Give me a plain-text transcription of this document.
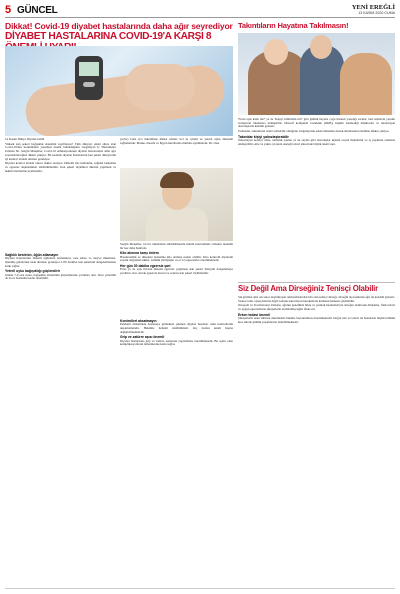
5 GÜNCEL	YENİ EREĞLİ
13 KASIM 2020 CUMA
Dikkat! Covid-19 diyabet hastalarında daha ağır seyrediyor
DİYABET HASTALARINA COVID-19'A KARŞI 8

14 Kasım Dünya Diyabet Günü

Yüksek kan şekeri bağışıklık sistemini zayıflatıyor! Tüm dünyayı etkisi altına alan Covid-19'dan korunmanın yaşamsal önemi bulunduğunu vurgulayan İç Hastalıkları Uzmanı Dr. Sezgin Menşiller, Covid-19 enfeksiyonunun diyabet hastalarında daha ağır seyredebileceğine dikkat çekiyor. Bu nedenle diyabet hastalarının kan şekeri düzeylerini iyi kontrol altında tutması gerekiyor.

Diyabet kontrol altında olursa riskler azalıyor. Düzenli ilaç kullanımı, sağlıklı beslenme ve egzersiz alışkanlıkları sürdürülmelidir. Kan şekeri ölçümleri düzenli yapılmalı ve hekim önerilerine uyulmalıdır.

yorlar) fazla sıvı tüketimine dikkat etmeli, bol su içmeli ve yeterli uyku düzenini sağlamalıdır. Maske, mesafe ve hijyen kurallarına mutlaka uyulmalıdır. Dr. Ozer

Sezgin Menşiller, bu bir önlemlerin sürdürülmesini hekim kontrolünde olmanın önemini bir kez daha hatırlattı.

Kilo alımına karşı önlem

Hareketsizlik ve düzensiz beslenme kilo alımına neden olabilir. Kilo kontrolü diyabetin seyrini doğrudan etkiler. Günlük yürüyüşler ve ev içi egzersizler önerilmektedir.

Her gün 30 dakika egzersiz şart

Evde ya da açık havada düzenli egzersiz yapılması kan şekeri düzeyini dengelemeye yardımcı olur. Ancak egzersiz öncesi ve sonrası kan şekeri ölçülmelidir.

Sağlıklı beslenin, öğün atlamayın

Diyabet hastalarının düzenli öğünlerle beslenmesi, taze sebze ve meyve tüketmesi, işlenmiş gıdalardan uzak durması gerekiyor. Lifli besinler kan şekerinin dengelenmesine katkı sağlar.

Yeterli uyku bağışıklığı güçlendirir

Günde 7-8 saat uyku, bağışıklık sisteminin güçlenmesine yardımcı olur. Stres yönetimi de en az beslenme kadar önemlidir.

Kontrolleri aksatmayın

Pandemi döneminde hastaneye gitmekten çekinen diyabet hastaları rutin kontrollerini aksatmamalıdır. Hekimle iletişim sürdürülmeli, ilaç dozları kendi başına değiştirilmemelidir.

Grip ve zatürre aşısı önemli

Diyabet hastalarına grip ve zatürre aşılarının yaptırılması önerilmektedir. Bu aşılar olası komplikasyonların önlenmesine katkı sağlar.

Takıntıların Hayatına Takılmasın!

'Fırını açık kaldı mı?' ya da 'Kapıyı kilitledim mi?' gibi günlük hayatta çoğu insanın yaşadığı sorular, bazı kişilerde yaşamı zorlaştıran takıntılara dönüşebilir. Obsesif kompulsif bozukluk (OKB), kişinin istemediği düşünceler ve tekrarlayan davranışlarla kendini gösterir.

Uzmanlar, takıntıların tedavi edilebilir olduğunu vurgulayarak erken dönemde destek alınmasının önemine dikkat çekiyor.

Takıntılar kişiyi yalnızlaştırabilir

Tekrarlayan kontrol etme, temizlik yapma ya da sayma gibi davranışlar kişinin sosyal ilişkilerini ve iş yaşamını olumsuz etkileyebilir. Aile ve yakın çevrenin desteği tedavi sürecinde büyük önem taşır.

Siz Değil Ama Dirseğiniz Tenisçi Olabilir

Sık görülen ama adı sıkça duyulmayan rahatsızlıklardan biri olan tenisçi dirseği, dirseğin dış kısmında ağrı ile kendini gösterir. Sadece tenis oynayanlarda değil, kolunu tekrarlayan hareketlerle kullanan herkeste görülebilir.

Ortopedi ve Travmatoloji Uzmanı, ağrının genellikle bilek ve parmak hareketleriyle arttığını belirterek dinlenme, fizik tedavi ve uygun egzersizlerle şikayetlerin azaltılabileceğini ifade etti.

Erken tedavi önemli

Şikayetlerin uzun sürmesi durumunda hekime başvurulması önerilmektedir. Doğru tanı ve tedavi ile hastaların büyük bölümü kısa sürede günlük yaşamlarına dönebilmektedir.
